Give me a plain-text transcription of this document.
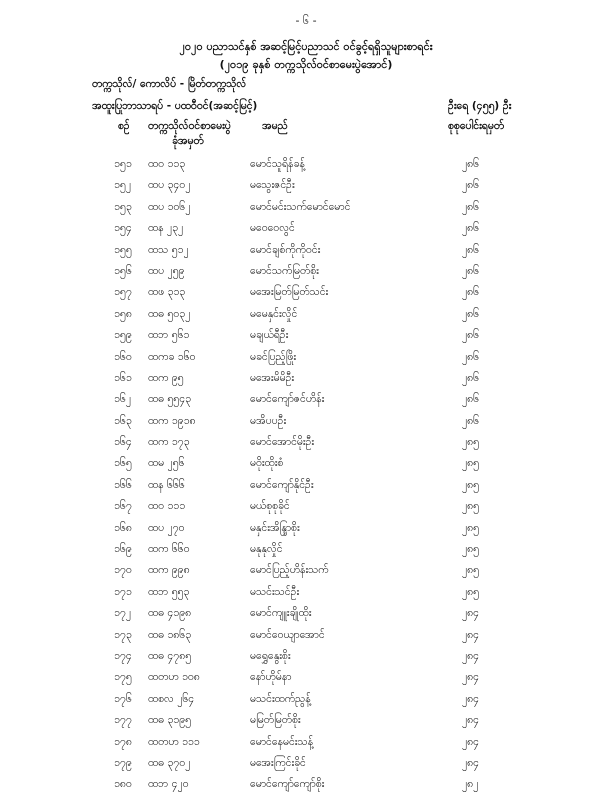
- ၆ -
၂၀၂၀ ပညာသင်နှစ် အဆင့်မြင့်ပညာသင် ဝင်ခွင့်ရရှိသူများစာရင်း
(၂၀၁၉ ခုနှစ် တက္ကသိုလ်ဝင်စာမေးပွဲအောင်)
တက္ကသိုလ်/ ကောလိပ် - မြိတ်တက္ကသိုလ်
အထူးပြုဘာသာရပ် - ပထဝီဝင်(အဆင့်မြင့်)	ဦးရေ (၄၅၅) ဦး
စဉ် တက္ကသိုလ်ဝင်စာမေးပွဲ
ခုံအမှတ်
အမည်	စုစုပေါင်းရမှတ်
၁၅၁ ထဝ ၁၁၃	မောင်သူရိန်ခန့်	၂၈၆
၁၅၂ ထပ ၃၄၀၂	မသွေးဇင်ဦး	၂၈၆
၁၅၃ ထပ ၁၀၆၂	မောင်မင်းသက်မောင်မောင်	၂၈၆
၁၅၄ ထန ၂၃၂	မဝေဝေလွင်	၂၈၆
၁၅၅ ထသ ၅၁၂	မောင်ချစ်ကိုကိုဝင်း	၂၈၆
၁၅၆ ထပ ၂၅၉	မောင်သက်မြတ်စိုး	၂၈၆
၁၅၇ ထဖ ၃၁၃	မအေးမြတ်မြတ်သင်း	၂၈၆
၁၅၈ ထဓ ၅၀၃၂	မမေနှင်းလှိုင်	၂၈၆
၁၅၉ ထဘ ၅၆၁	မချယ်ရီဦး	၂၈၆
၁၆၀ ထကခ ၁၆၀	မခင်ပြည့်ဖြိုး	၂၈၆
၁၆၁ ထက ၉၅	မအေးမိမိဦး	၂၈၆
၁၆၂ ထဓ ၅၅၄၃	မောင်ကျော်ဇင်ဟိန်း	၂၈၆
၁၆၃ ထက ၁၉၁၈	မအိပပဦး	၂၈၆
၁၆၄ ထက ၁၇၃	မောင်အောင်မိုးဦး	၂၈၅
၁၆၅ ထမ ၂၅၆	မဝိုးထိုးစံ	၂၈၅
၁၆၆ ထန ၆၆၆	မောင်ကျော်နိုင်ဦး	၂၈၅
၁၆၇ ထဝ ၁၁၁	မယ်စုစုခိုင်	၂၈၅
၁၆၈ ထပ ၂၇၀	မနှင်းအိန္ဒြာစိုး	၂၈၅
၁၆၉ ထက ၆၆၀	မနုနုလှိုင်	၂၈၅
၁၇၀ ထက ၉၉၈	မောင်ပြည့်ဟိန်းသက်	၂၈၅
၁၇၁ ထဘ ၅၅၃	မသင်းသင်ဦး	၂၈၅
၁၇၂ ထဓ ၄၁၉၈	မောင်ကျူးချိုထိုး	၂၈၄
၁၇၃ ထဓ ၁၈၆၃	မောင်ဝေယျာအောင်	၂၈၄
၁၇၄ ထဓ ၄၇၈၅	မရွှေနွေးစိုး	၂၈၄
၁၇၅ ထတဟ ၁၀၈	နော်ဟိုမ်နာ	၂၈၄
၁၇၆ ထစလ ၂၆၄	မသင်းထက်ညွန့်	၂၈၄
၁၇၇ ထဓ ၃၁၉၅	မမြတ်မြတ်စိုး	၂၈၄
၁၇၈ ထတဟ ၁၁၁	မောင်နေမင်းသန့်	၂၈၄
၁၇၉ ထဓ ၃၇၀၂	မအေးကြင်းခိုင်	၂၈၄
၁၈၀ ထဘ ၄၂၀	မောင်ကျော်ကျော်စိုး	၂၈၂
